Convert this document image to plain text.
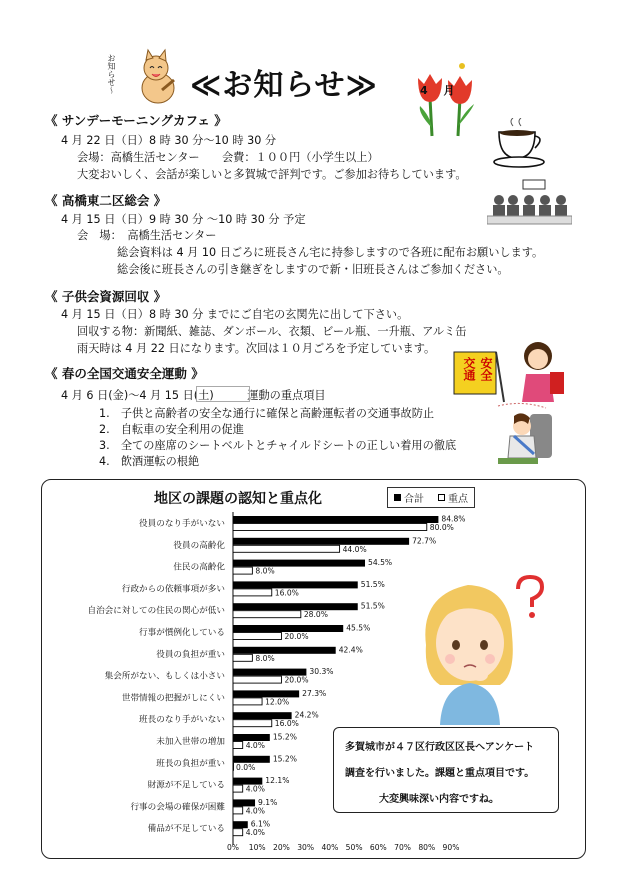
お知らせ〜 ≪お知らせ≫	4 月
《 サンデーモーニングカフェ 》
4 月 22 日（日）8 時 30 分〜10 時 30 分
会場：高橋生活センター　　会費：１００円（小学生以上）
大変おいしく、会話が楽しいと多賀城で評判です。ご参加お待ちしています。
《 高橋東二区総会 》
4 月 15 日（日）9 時 30 分 〜10 時 30 分 予定
会　場：　高橋生活センター
総会資料は 4 月 10 日ごろに班長さん宅に持参しますので各班に配布お願いします。
総会後に班長さんの引き継ぎをしますので新・旧班長さんはご参加ください。
《 子供会資源回収 》
4 月 15 日（日）8 時 30 分 までにご自宅の玄関先に出して下さい。
回収する物：新聞紙、雑誌、ダンボール、衣類、ビール瓶、一升瓶、アルミ缶
雨天時は 4 月 22 日になります。次回は１０月ごろを予定しています。
安
全
交
通
《 春の全国交通安全運動 》
4 月 6 日(金)〜4 月 15 日(土)　　　運動の重点項目
1.　子供と高齢者の安全な通行に確保と高齢運転者の交通事故防止
2.　自転車の安全利用の促進
3.　全ての座席のシートベルトとチャイルドシートの正しい着用の徹底
4.　飲酒運転の根絶
地区の課題の認知と重点化	合計 重点
役員のなり手がいない	84.8%
80.0%
役員の高齢化	72.7%
44.0%
住民の高齢化	54.5%
8.0%
行政からの依頼事項が多い	51.5%
16.0%
自治会に対しての住民の関心が低い	51.5%
28.0%
行事が慣例化している	45.5%
20.0%
役員の負担が重い	42.4%
8.0%
集会所がない、もしくは小さい	30.3%
20.0%
世帯情報の把握がしにくい	27.3%
12.0%
班長のなり手がいない	24.2%
16.0%
未加入世帯の増加	15.2%
4.0%
班長の負担が重い	15.2%
0.0%
財源が不足している	12.1%
4.0%
行事の会場の確保が困難	9.1%
4.0%
備品が不足している	6.1%
4.0%
0% 10% 20% 30% 40% 50% 60% 70% 80% 90%
多賀城市が４７区行政区区長へアンケート
調査を行いました。課題と重点項目です。
大変興味深い内容ですね。
